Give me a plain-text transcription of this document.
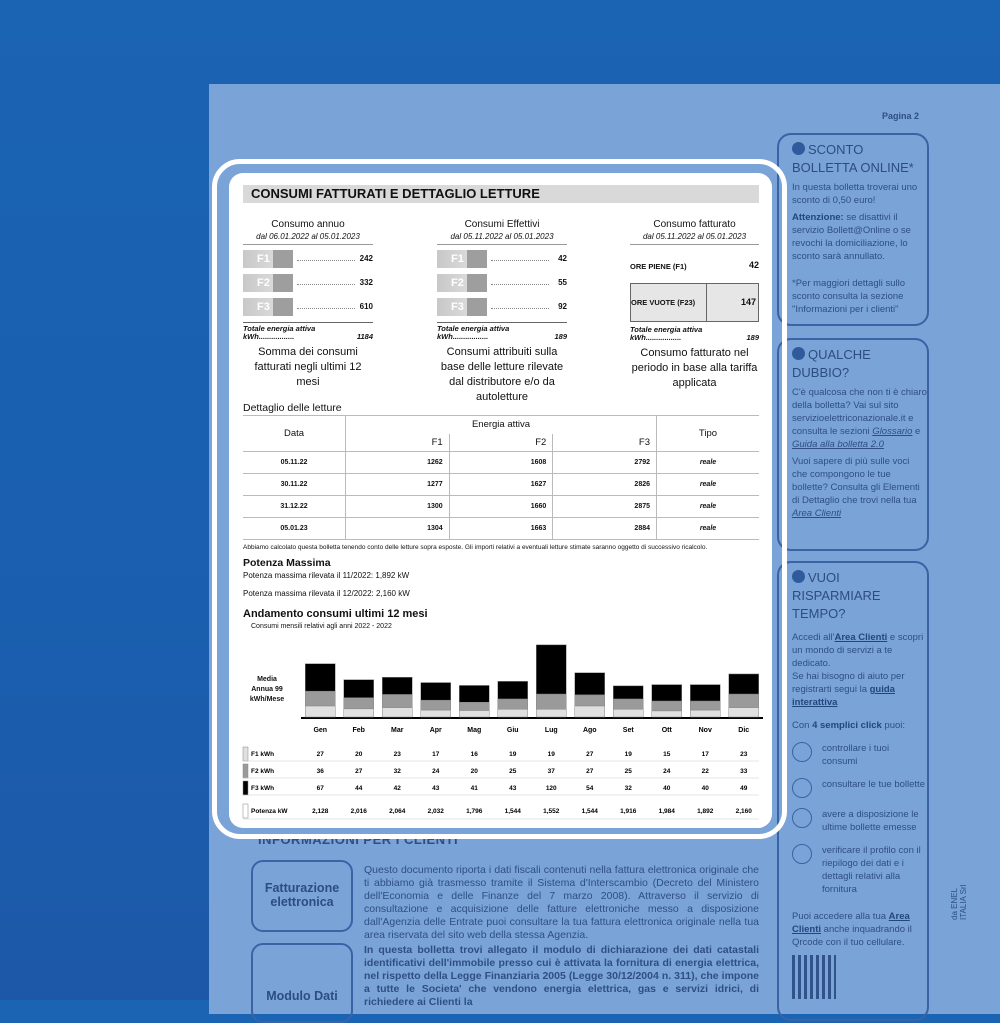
Pagina 2
SCONTO BOLLETTA ONLINE*

In questa bolletta troverai uno sconto di 0,50 euro!

Attenzione: se disattivi il servizio Bollett@Online o se revochi la domiciliazione, lo sconto sarà annullato.

*Per maggiori dettagli sullo sconto consulta la sezione "Informazioni per i clienti"

QUALCHE DUBBIO?

C'è qualcosa che non ti è chiaro della bolletta? Vai sul sito servizioelettriconazionale.it e consulta le sezioni Glossario e Guida alla bolletta 2.0

Vuoi sapere di più sulle voci che compongono le tue bollette? Consulta gli Elementi di Dettaglio che trovi nella tua Area Clienti

VUOI RISPARMIARE TEMPO?

Accedi all'Area Clienti e scopri un mondo di servizi a te dedicato.
Se hai bisogno di aiuto per registrarti segui la guida interattiva

Con 4 semplici click puoi:

controllare i tuoi consumi
consultare le tue bollette
avere a disposizione le ultime bollette emesse
verificare il profilo con il riepilogo dei dati e i dettagli relativi alla fornitura

Puoi accedere alla tua Area Clienti anche inquadrando il Qrcode con il tuo cellulare.

da ENEL ITALIA Srl
INFORMAZIONI PER I CLIENTI
Fatturazione elettronica
Questo documento riporta i dati fiscali contenuti nella fattura elettronica originale che ti abbiamo già trasmesso tramite il Sistema d'Interscambio (Decreto del Ministero dell'Economia e delle Finanze del 7 marzo 2008). Attraverso il servizio di consultazione e acquisizione delle fatture elettroniche messo a disposizione dall'Agenzia delle Entrate puoi consultare la tua fattura elettronica originale nella tua area riservata del sito web della stessa Agenzia.
Modulo Dati
In questa bolletta trovi allegato il modulo di dichiarazione dei dati catastali identificativi dell'immobile presso cui è attivata la fornitura di energia elettrica, nel rispetto della Legge Finanziaria 2005 (Legge 30/12/2004 n. 311), che impone a tutte le Societa' che vendono energia elettrica, gas e servizi idrici, di richiedere ai Clienti la
CONSUMI FATTURATI E DETTAGLIO LETTURE
Consumo annuo
dal 06.01.2022 al 05.01.2023
F1	242
F2	332
F3	610
Totale energia attiva kWh.................	1184
Somma dei consumi fatturati negli ultimi 12 mesi
Consumi Effettivi
dal 05.11.2022 al 05.01.2023
F1	42
F2	55
F3	92
Totale energia attiva kWh.................	189
Consumi attribuiti sulla base delle letture rilevate dal distributore e/o da autoletture
Consumo fatturato
dal 05.11.2022 al 05.01.2023
ORE PIENE (F1)	42
ORE VUOTE (F23)	147
Totale energia attiva kWh.................	189
Consumo fatturato nel periodo in base alla tariffa applicata
Dettaglio delle letture
Data	Energia attiva			Tipo
	F1	F2	F3	
05.11.22	1262	1608	2792	reale
30.11.22	1277	1627	2826	reale
31.12.22	1300	1660	2875	reale
05.01.23	1304	1663	2884	reale
Abbiamo calcolato questa bolletta tenendo conto delle letture sopra esposte. Gli importi relativi a eventuali letture stimate saranno oggetto di successivo ricalcolo.
Potenza Massima
Potenza massima rilevata il 11/2022: 1,892 kW
Potenza massima rilevata il 12/2022: 2,160 kW
Andamento consumi ultimi 12 mesi
Consumi mensili relativi agli anni 2022 - 2022
Media Annua 99 kWh/Mese
Gen	Feb	Mar	Apr	Mag	Giu	Lug	Ago	Set	Ott	Nov	Dic
F1 kWh	27	20	23	17	16	19	19	27	19	15	17	23
F2 kWh	36	27	32	24	20	25	37	27	25	24	22	33
F3 kWh	67	44	42	43	41	43	120	54	32	40	40	49
Potenza kW	2,128	2,016	2,064	2,032	1,796	1,544	1,552	1,544	1,916	1,984	1,892	2,160
